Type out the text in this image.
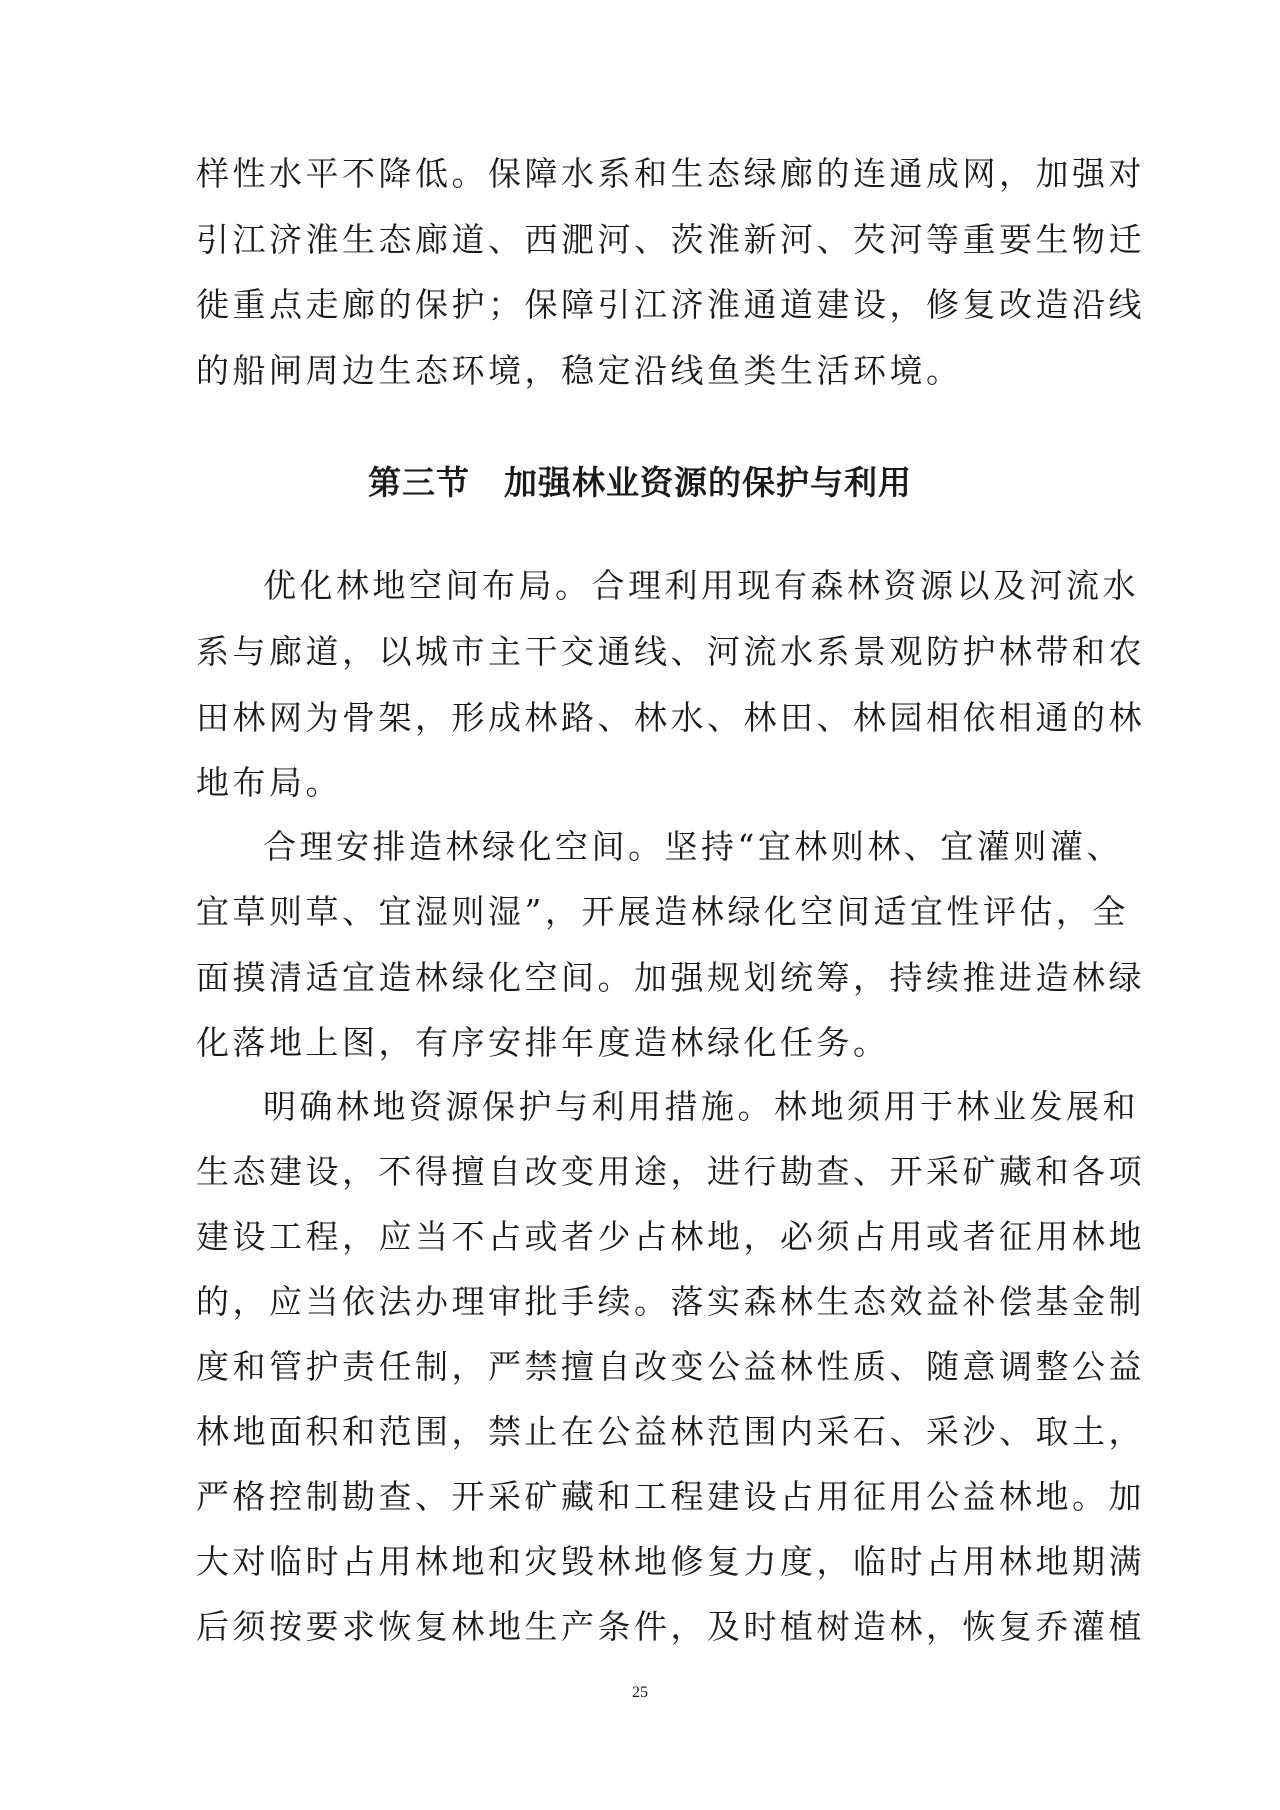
样性水平不降低。保障水系和生态绿廊的连通成网，加强对
引江济淮生态廊道、西淝河、茨淮新河、芡河等重要生物迁
徙重点走廊的保护；保障引江济淮通道建设，修复改造沿线
的船闸周边生态环境，稳定沿线鱼类生活环境。
第三节　加强林业资源的保护与利用
优化林地空间布局。合理利用现有森林资源以及河流水
系与廊道，以城市主干交通线、河流水系景观防护林带和农
田林网为骨架，形成林路、林水、林田、林园相依相通的林
地布局。
合理安排造林绿化空间。坚持“宜林则林、宜灌则灌、
宜草则草、宜湿则湿”，开展造林绿化空间适宜性评估，全
面摸清适宜造林绿化空间。加强规划统筹，持续推进造林绿
化落地上图，有序安排年度造林绿化任务。
明确林地资源保护与利用措施。林地须用于林业发展和
生态建设，不得擅自改变用途，进行勘查、开采矿藏和各项
建设工程，应当不占或者少占林地，必须占用或者征用林地
的，应当依法办理审批手续。落实森林生态效益补偿基金制
度和管护责任制，严禁擅自改变公益林性质、随意调整公益
林地面积和范围，禁止在公益林范围内采石、采沙、取土，
严格控制勘查、开采矿藏和工程建设占用征用公益林地。加
大对临时占用林地和灾毁林地修复力度，临时占用林地期满
后须按要求恢复林地生产条件，及时植树造林，恢复乔灌植
25
